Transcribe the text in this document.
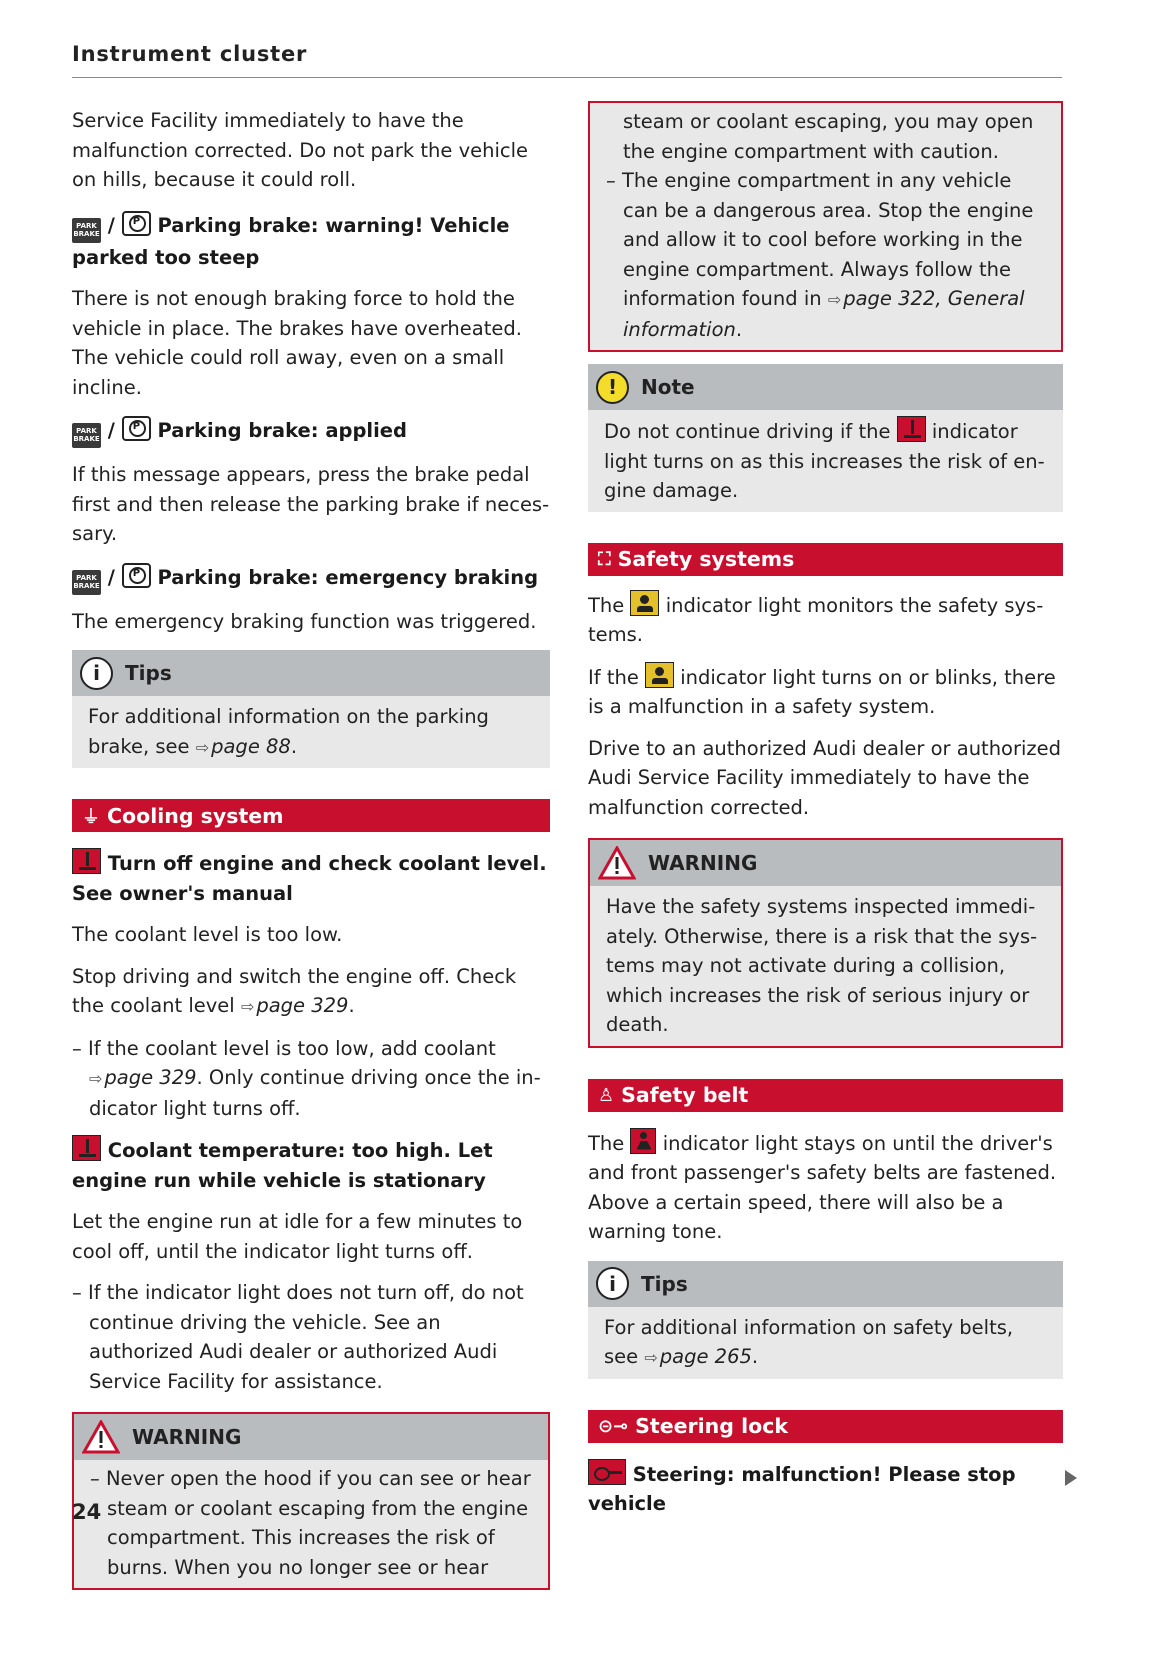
Instrument cluster

Service Facility immediately to have the malfunction corrected. Do not park the vehicle on hills, because it could roll.

PARK
BRAKE / P Parking brake: warning! Vehicle parked too steep

There is not enough braking force to hold the vehicle in place. The brakes have overheated. The vehicle could roll away, even on a small incline.

PARK
BRAKE / P Parking brake: applied

If this message appears, press the brake pedal first and then release the parking brake if necessary.

PARK
BRAKE / P Parking brake: emergency braking

The emergency braking function was triggered.

i	Tips

For additional information on the parking brake, see ⇨ page 88.

⏚ Cooling system

Turn off engine and check coolant level. See owner's manual

The coolant level is too low.

Stop driving and switch the engine off. Check the coolant level ⇨ page 329.

– If the coolant level is too low, add coolant ⇨ page 329. Only continue driving once the indicator light turns off.

Coolant temperature: too high. Let engine run while vehicle is stationary

Let the engine run at idle for a few minutes to cool off, until the indicator light turns off.

– If the indicator light does not turn off, do not continue driving the vehicle. See an authorized Audi dealer or authorized Audi Service Facility for assistance.

WARNING

– Never open the hood if you can see or hear steam or coolant escaping from the engine compartment. This increases the risk of burns. When you no longer see or hear

steam or coolant escaping, you may open the engine compartment with caution.

– The engine compartment in any vehicle can be a dangerous area. Stop the engine and allow it to cool before working in the engine compartment. Always follow the information found in ⇨ page 322, General information.

!	Note

Do not continue driving if the indicator light turns on as this increases the risk of engine damage.

⛶ Safety systems

The indicator light monitors the safety systems.

If the indicator light turns on or blinks, there is a malfunction in a safety system.

Drive to an authorized Audi dealer or authorized Audi Service Facility immediately to have the malfunction corrected.

WARNING

Have the safety systems inspected immediately. Otherwise, there is a risk that the systems may not activate during a collision, which increases the risk of serious injury or death.

♙ Safety belt

The indicator light stays on until the driver's and front passenger's safety belts are fastened. Above a certain speed, there will also be a warning tone.

i	Tips

For additional information on safety belts, see ⇨ page 265.

⊝⊸ Steering lock

Steering: malfunction! Please stop vehicle

24
